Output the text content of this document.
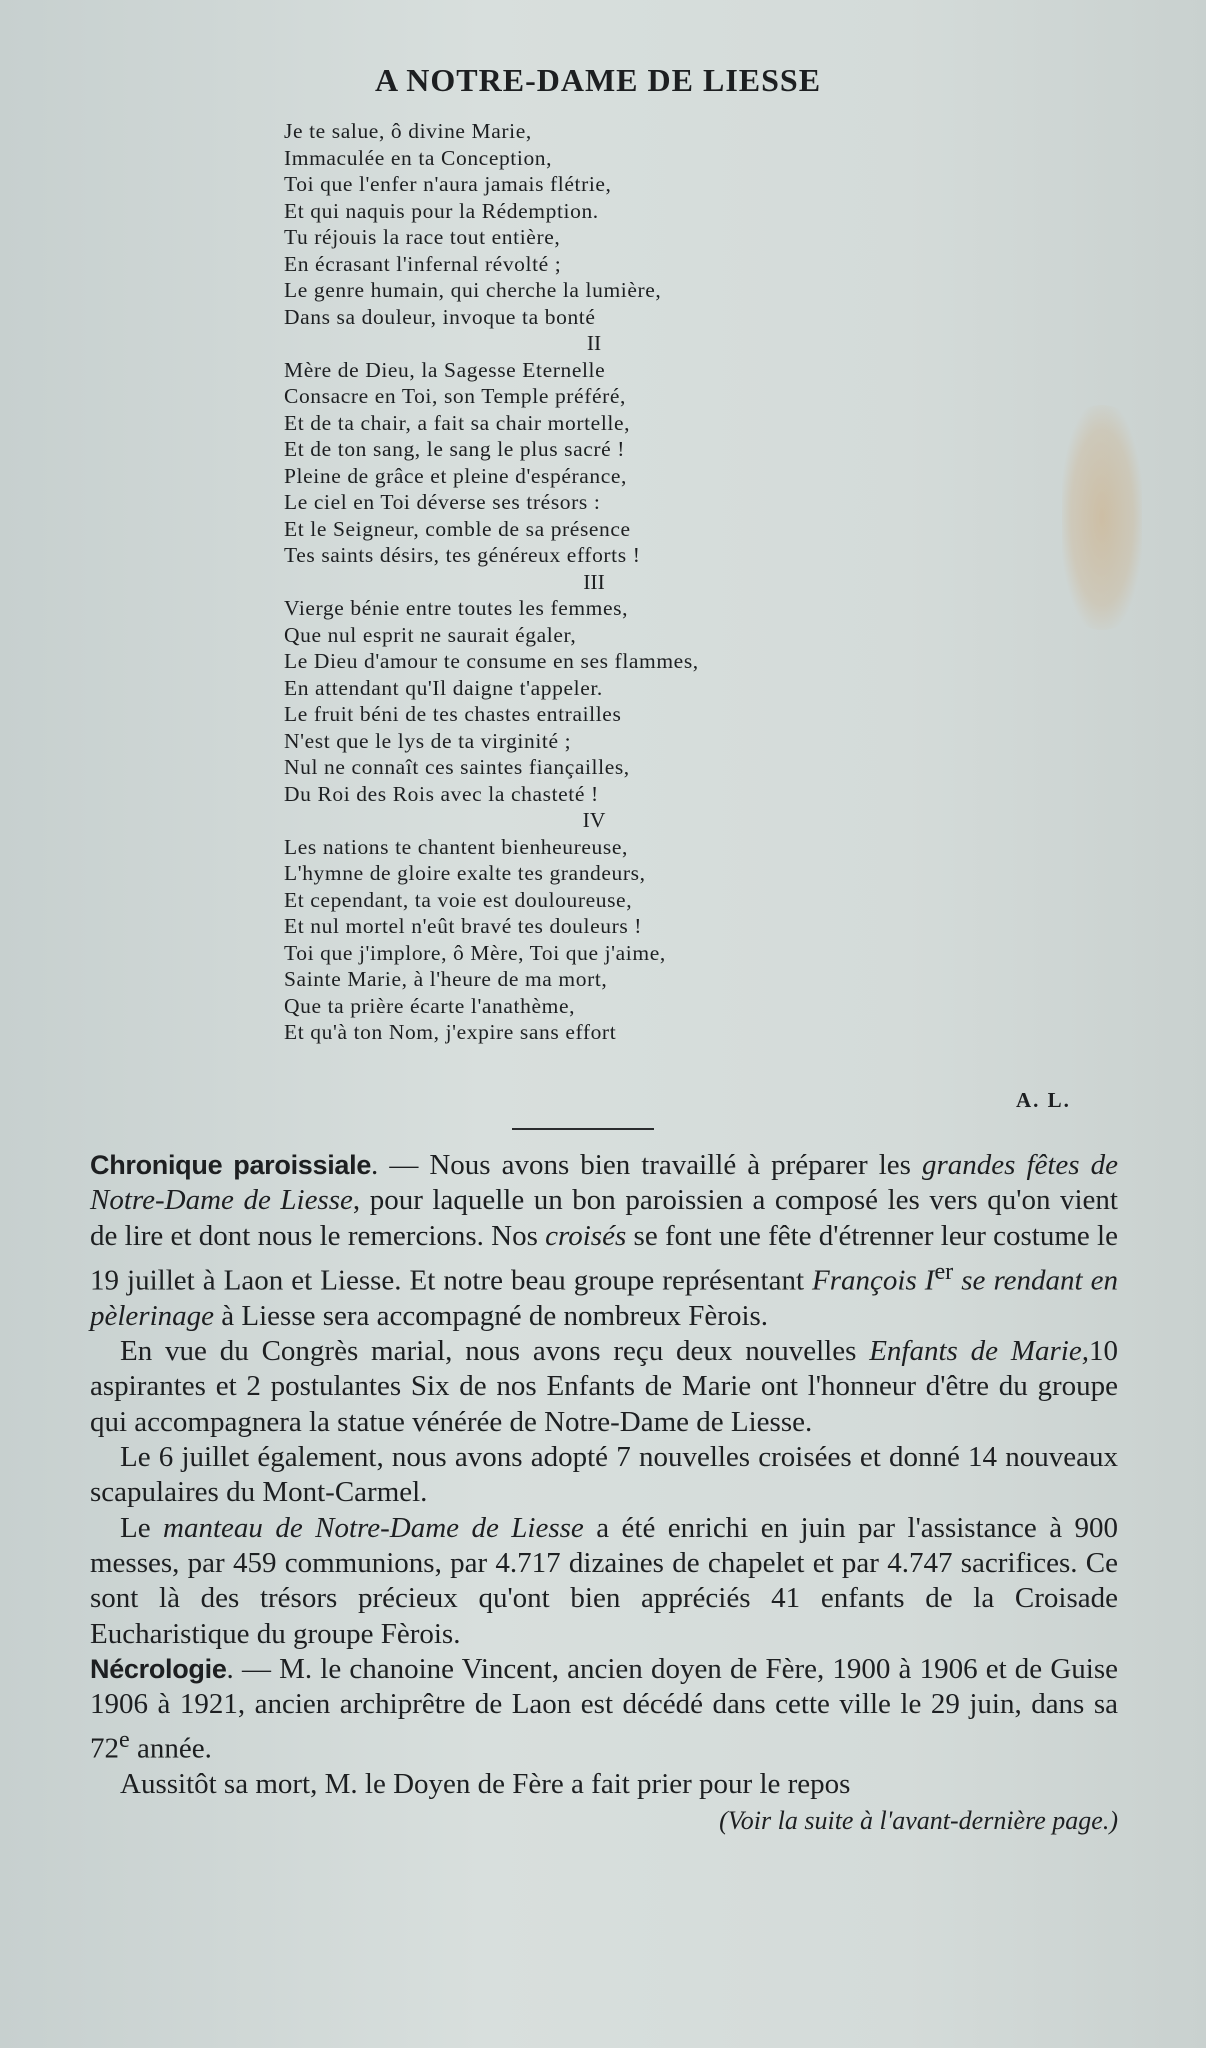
A NOTRE-DAME DE LIESSE
Je te salue, ô divine Marie,
Immaculée en ta Conception,
Toi que l'enfer n'aura jamais flétrie,
Et qui naquis pour la Rédemption.
Tu réjouis la race tout entière,
En écrasant l'infernal révolté ;
Le genre humain, qui cherche la lumière,
Dans sa douleur, invoque ta bonté
II
Mère de Dieu, la Sagesse Eternelle
Consacre en Toi, son Temple préféré,
Et de ta chair, a fait sa chair mortelle,
Et de ton sang, le sang le plus sacré !
Pleine de grâce et pleine d'espérance,
Le ciel en Toi déverse ses trésors :
Et le Seigneur, comble de sa présence
Tes saints désirs, tes généreux efforts !
III
Vierge bénie entre toutes les femmes,
Que nul esprit ne saurait égaler,
Le Dieu d'amour te consume en ses flammes,
En attendant qu'Il daigne t'appeler.
Le fruit béni de tes chastes entrailles
N'est que le lys de ta virginité ;
Nul ne connaît ces saintes fiançailles,
Du Roi des Rois avec la chasteté !
IV
Les nations te chantent bienheureuse,
L'hymne de gloire exalte tes grandeurs,
Et cependant, ta voie est douloureuse,
Et nul mortel n'eût bravé tes douleurs !
Toi que j'implore, ô Mère, Toi que j'aime,
Sainte Marie, à l'heure de ma mort,
Que ta prière écarte l'anathème,
Et qu'à ton Nom, j'expire sans effort
A. L.

Chronique paroissiale. — Nous avons bien travaillé à préparer les grandes fêtes de Notre-Dame de Liesse, pour laquelle un bon paroissien a composé les vers qu'on vient de lire et dont nous le remercions. Nos croisés se font une fête d'étrenner leur costume le 19 juillet à Laon et Liesse. Et notre beau groupe représentant François Ier se rendant en pèlerinage à Liesse sera accompagné de nombreux Fèrois.

En vue du Congrès marial, nous avons reçu deux nouvelles Enfants de Marie,10 aspirantes et 2 postulantes Six de nos Enfants de Marie ont l'honneur d'être du groupe qui accompagnera la statue vénérée de Notre-Dame de Liesse.

Le 6 juillet également, nous avons adopté 7 nouvelles croisées et donné 14 nouveaux scapulaires du Mont-Carmel.

Le manteau de Notre-Dame de Liesse a été enrichi en juin par l'assistance à 900 messes, par 459 communions, par 4.717 dizaines de chapelet et par 4.747 sacrifices. Ce sont là des trésors précieux qu'ont bien appréciés 41 enfants de la Croisade Eucharistique du groupe Fèrois.

Nécrologie. — M. le chanoine Vincent, ancien doyen de Fère, 1900 à 1906 et de Guise 1906 à 1921, ancien archiprêtre de Laon est décédé dans cette ville le 29 juin, dans sa 72e année.

Aussitôt sa mort, M. le Doyen de Fère a fait prier pour le repos

(Voir la suite à l'avant-dernière page.)
